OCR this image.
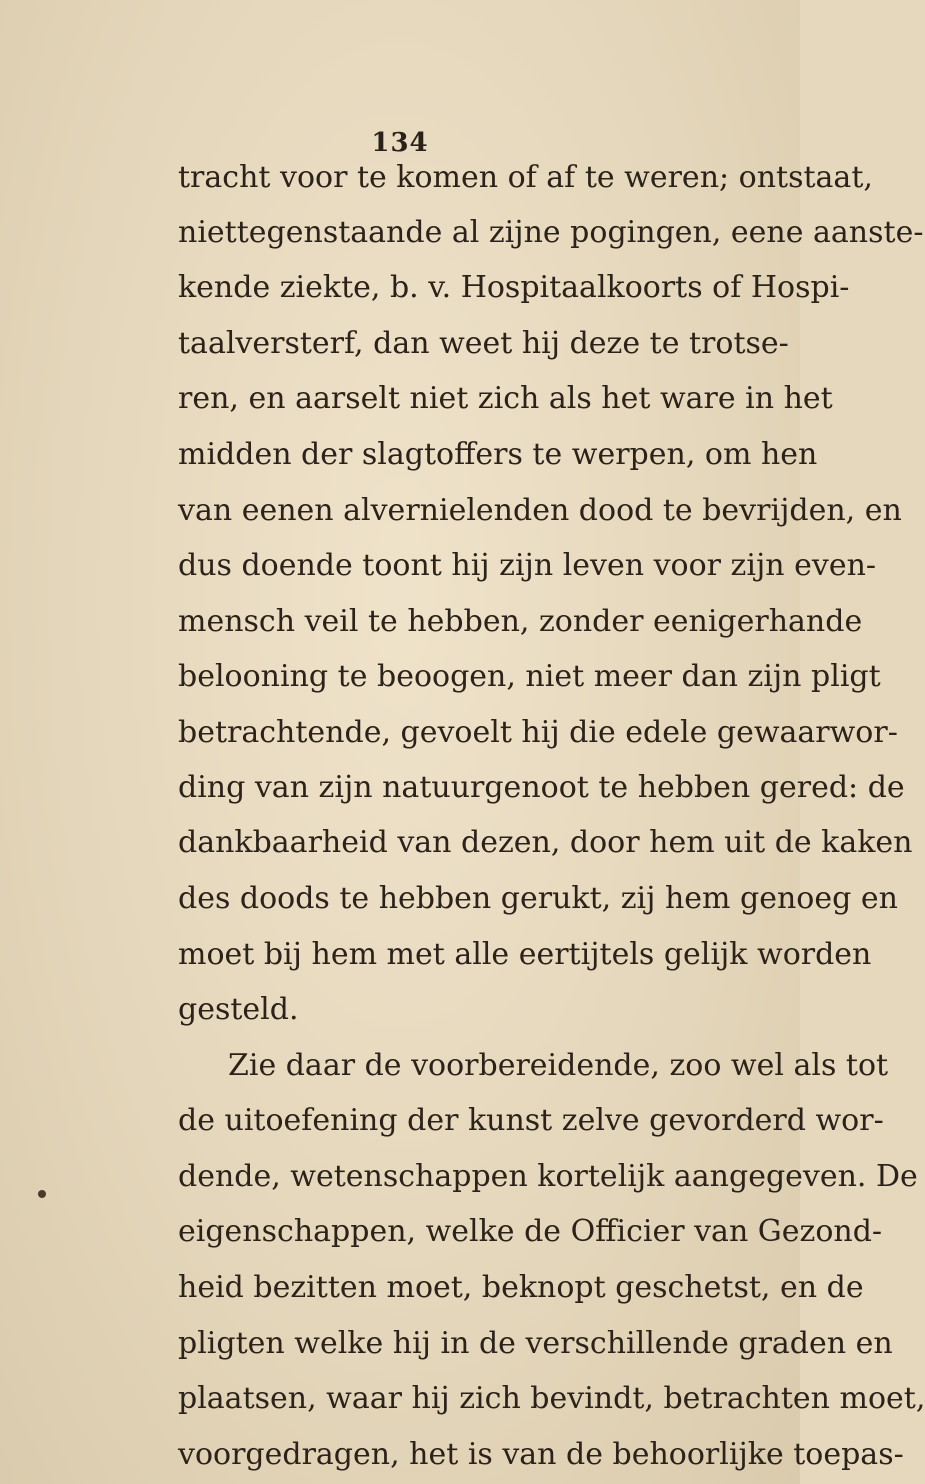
134
tracht voor te komen of af te weren; ontstaat,
niettegenstaande al zijne pogingen, eene aanste-
kende ziekte, b. v. Hospitaalkoorts of Hospi-
taalversterf, dan weet hij deze te trotse-
ren, en aarselt niet zich als het ware in het
midden der slagtoffers te werpen, om hen
van eenen alvernielenden dood te bevrijden, en
dus doende toont hij zijn leven voor zijn even-
mensch veil te hebben, zonder eenigerhande
belooning te beoogen, niet meer dan zijn pligt
betrachtende, gevoelt hij die edele gewaarwor-
ding van zijn natuurgenoot te hebben gered: de
dankbaarheid van dezen, door hem uit de kaken
des doods te hebben gerukt, zij hem genoeg en
moet bij hem met alle eertijtels gelijk worden
gesteld.
Zie daar de voorbereidende, zoo wel als tot
de uitoefening der kunst zelve gevorderd wor-
dende, wetenschappen kortelijk aangegeven. De
eigenschappen, welke de Officier van Gezond-
heid bezitten moet, beknopt geschetst, en de
pligten welke hij in de verschillende graden en
plaatsen, waar hij zich bevindt, betrachten moet,
voorgedragen, het is van de behoorlijke toepas-
